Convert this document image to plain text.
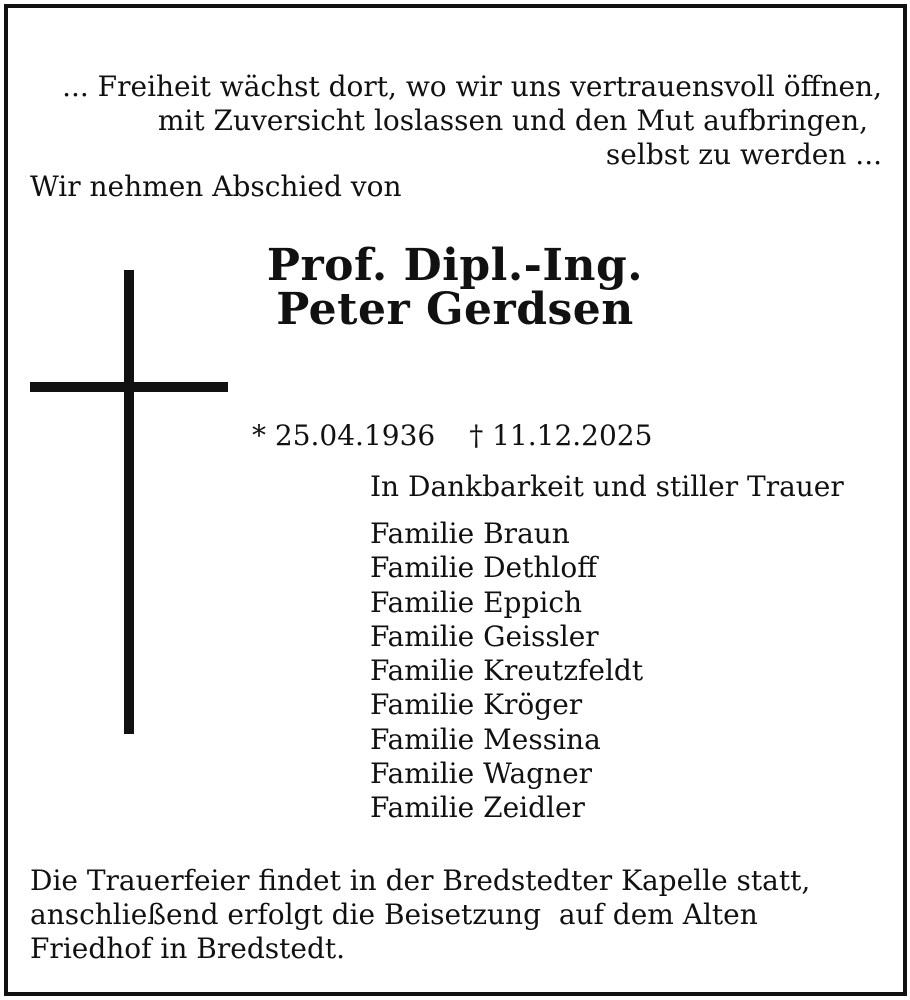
... Freiheit wächst dort, wo wir uns vertrauensvoll öffnen,
mit Zuversicht loslassen und den Mut aufbringen,
selbst zu werden ...
Wir nehmen Abschied von
Prof. Dipl.-Ing.
Peter Gerdsen
* 25.04.1936 † 11.12.2025
In Dankbarkeit und stiller Trauer
Familie Braun
Familie Dethloff
Familie Eppich
Familie Geissler
Familie Kreutzfeldt
Familie Kröger
Familie Messina
Familie Wagner
Familie Zeidler
Die Trauerfeier findet in der Bredstedter Kapelle statt,
anschließend erfolgt die Beisetzung  auf dem Alten
Friedhof in Bredstedt.
